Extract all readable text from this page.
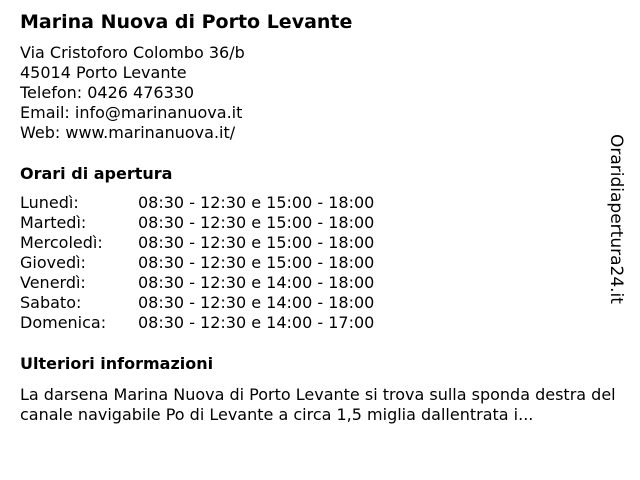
Marina Nuova di Porto Levante
Via Cristoforo Colombo 36/b
45014 Porto Levante
Telefon: 0426 476330
Email: info@marinanuova.it
Web: www.marinanuova.it/
Orari di apertura
Lunedì:	08:30 - 12:30 e 15:00 - 18:00
Martedì:	08:30 - 12:30 e 15:00 - 18:00
Mercoledì:	08:30 - 12:30 e 15:00 - 18:00
Giovedì:	08:30 - 12:30 e 15:00 - 18:00
Venerdì:	08:30 - 12:30 e 14:00 - 18:00
Sabato:	08:30 - 12:30 e 14:00 - 18:00
Domenica:	08:30 - 12:30 e 14:00 - 17:00
Ulteriori informazioni
La darsena Marina Nuova di Porto Levante si trova sulla sponda destra del canale navigabile Po di Levante a circa 1,5 miglia dallentrata i...
Oraridiapertura24.it
